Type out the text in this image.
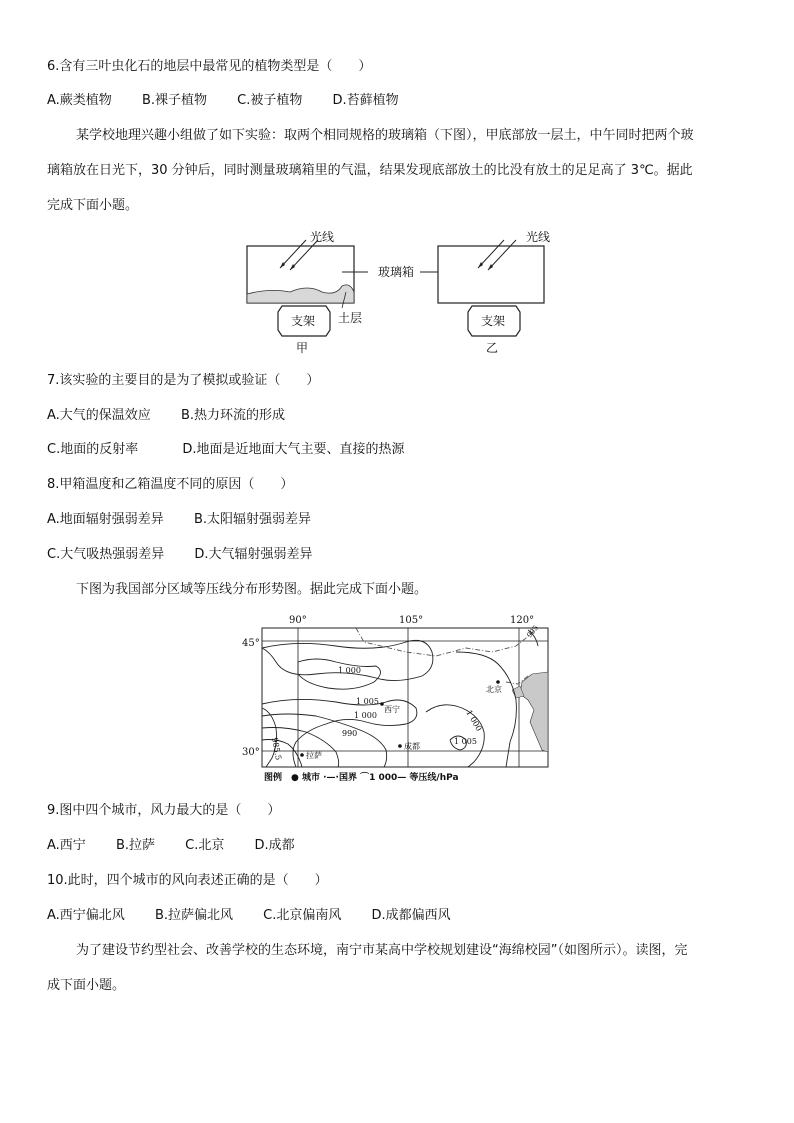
6.含有三叶虫化石的地层中最常见的植物类型是（　　）
A.蕨类植物 B.裸子植物 C.被子植物 D.苔藓植物
某学校地理兴趣小组做了如下实验：取两个相同规格的玻璃箱（下图），甲底部放一层土，中午同时把两个玻
璃箱放在日光下，30 分钟后，同时测量玻璃箱里的气温，结果发现底部放土的比没有放土的足足高了 3℃。据此
完成下面小题。
光线
支架
甲
土层
玻璃箱
光线
支架
乙
7.该实验的主要目的是为了模拟或验证（　　）
A.大气的保温效应 B.热力环流的形成
C.地面的反射率	D.地面是近地面大气主要、直接的热源
8.甲箱温度和乙箱温度不同的原因（　　）
A.地面辐射强弱差异 B.太阳辐射强弱差异
C.大气吸热强弱差异 D.大气辐射强弱差异
下图为我国部分区域等压线分布形势图。据此完成下面小题。
90°	105°	120°
45°
30°
1 000
1 005
1 000
990
985.5
1 000
1 005
995
北京
西宁
成都
拉萨
图例　● 城市 ·—·国界 ⌒1 000— 等压线/hPa
9.图中四个城市，风力最大的是（　　）
A.西宁 B.拉萨 C.北京 D.成都
10.此时，四个城市的风向表述正确的是（　　）
A.西宁偏北风 B.拉萨偏北风 C.北京偏南风 D.成都偏西风
为了建设节约型社会、改善学校的生态环境，南宁市某高中学校规划建设“海绵校园”（如图所示）。读图，完
成下面小题。
